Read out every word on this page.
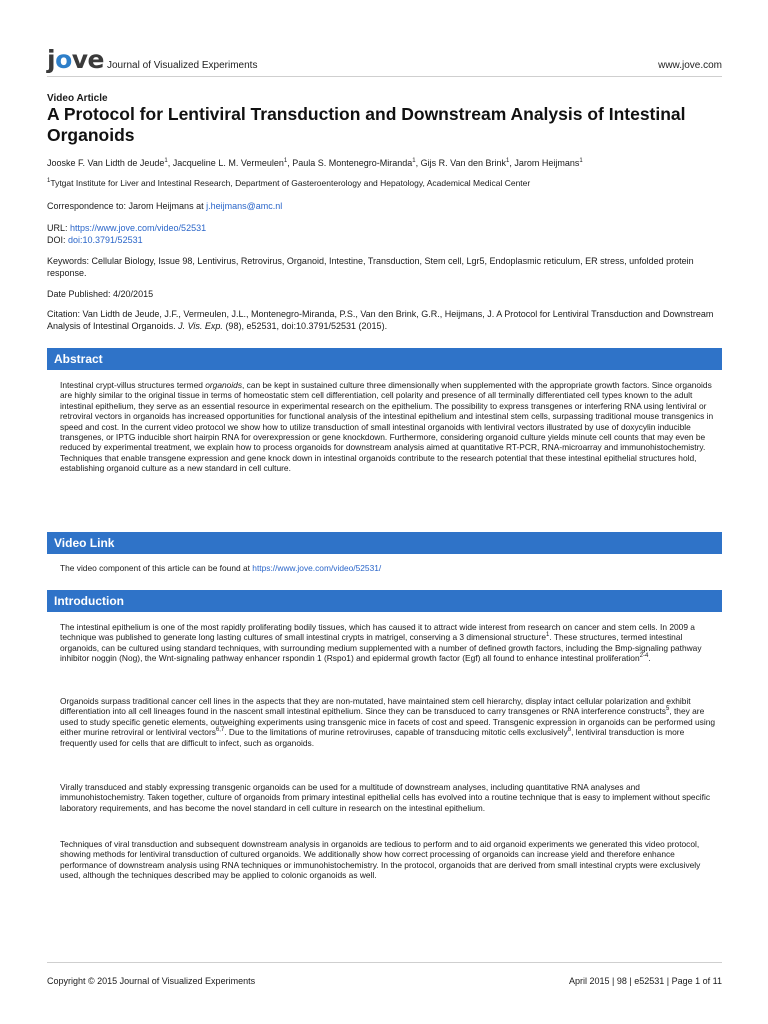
jove Journal of Visualized Experiments	www.jove.com
Video Article
A Protocol for Lentiviral Transduction and Downstream Analysis of Intestinal Organoids
Jooske F. Van Lidth de Jeude$^1$, Jacqueline L. M. Vermeulen$^1$, Paula S. Montenegro-Miranda$^1$, Gijs R. Van den Brink$^1$, Jarom Heijmans$^1$
$^1$Tytgat Institute for Liver and Intestinal Research, Department of Gasteroenterology and Hepatology, Academical Medical Center
Correspondence to: Jarom Heijmans at j.heijmans@amc.nl
URL: https://www.jove.com/video/52531
DOI: doi:10.3791/52531
Keywords: Cellular Biology, Issue 98, Lentivirus, Retrovirus, Organoid, Intestine, Transduction, Stem cell, Lgr5, Endoplasmic reticulum, ER stress, unfolded protein response.
Date Published: 4/20/2015
Citation: Van Lidth de Jeude, J.F., Vermeulen, J.L., Montenegro-Miranda, P.S., Van den Brink, G.R., Heijmans, J. A Protocol for Lentiviral Transduction and Downstream Analysis of Intestinal Organoids. J. Vis. Exp. (98), e52531, doi:10.3791/52531 (2015).
Abstract

Intestinal crypt-villus structures termed organoids, can be kept in sustained culture three dimensionally when supplemented with the appropriate growth factors. Since organoids are highly similar to the original tissue in terms of homeostatic stem cell differentiation, cell polarity and presence of all terminally differentiated cell types known to the adult intestinal epithelium, they serve as an essential resource in experimental research on the epithelium. The possibility to express transgenes or interfering RNA using lentiviral or retroviral vectors in organoids has increased opportunities for functional analysis of the intestinal epithelium and intestinal stem cells, surpassing traditional mouse transgenics in speed and cost. In the current video protocol we show how to utilize transduction of small intestinal organoids with lentiviral vectors illustrated by use of doxycylin inducible transgenes, or IPTG inducible short hairpin RNA for overexpression or gene knockdown. Furthermore, considering organoid culture yields minute cell counts that may even be reduced by experimental treatment, we explain how to process organoids for downstream analysis aimed at quantitative RT-PCR, RNA-microarray and immunohistochemistry. Techniques that enable transgene expression and gene knock down in intestinal organoids contribute to the research potential that these intestinal epithelial structures hold, establishing organoid culture as a new standard in cell culture.

Video Link

The video component of this article can be found at https://www.jove.com/video/52531/

Introduction

The intestinal epithelium is one of the most rapidly proliferating bodily tissues, which has caused it to attract wide interest from research on cancer and stem cells. In 2009 a technique was published to generate long lasting cultures of small intestinal crypts in matrigel, conserving a 3 dimensional structure$^1$. These structures, termed intestinal organoids, can be cultured using standard techniques, with surrounding medium supplemented with a number of defined growth factors, including the Bmp-signaling pathway inhibitor noggin (Nog), the Wnt-signaling pathway enhancer rspondin 1 (Rspo1) and epidermal growth factor (Egf) all found to enhance intestinal proliferation$^{2-4}$.

Organoids surpass traditional cancer cell lines in the aspects that they are non-mutated, have maintained stem cell hierarchy, display intact cellular polarization and exhibit differentiation into all cell lineages found in the nascent small intestinal epithelium. Since they can be transduced to carry transgenes or RNA interference constructs$^5$, they are used to study specific genetic elements, outweighing experiments using transgenic mice in facets of cost and speed. Transgenic expression in organoids can be performed using either murine retroviral or lentiviral vectors$^{6,7}$. Due to the limitations of murine retroviruses, capable of transducing mitotic cells exclusively$^8$, lentiviral transduction is more frequently used for cells that are difficult to infect, such as organoids.

Virally transduced and stably expressing transgenic organoids can be used for a multitude of downstream analyses, including quantitative RNA analyses and immunohistochemistry. Taken together, culture of organoids from primary intestinal epithelial cells has evolved into a routine technique that is easy to implement without specific laboratory requirements, and has become the novel standard in cell culture in research on the intestinal epithelium.

Techniques of viral transduction and subsequent downstream analysis in organoids are tedious to perform and to aid organoid experiments we generated this video protocol, showing methods for lentiviral transduction of cultured organoids. We additionally show how correct processing of organoids can increase yield and therefore enhance performance of downstream analysis using RNA techniques or immunohistochemistry. In the protocol, organoids that are derived from small intestinal crypts were exclusively used, although the techniques described may be applied to colonic organoids as well.

Copyright © 2015 Journal of Visualized Experiments	April 2015 | 98 | e52531 | Page 1 of 11
